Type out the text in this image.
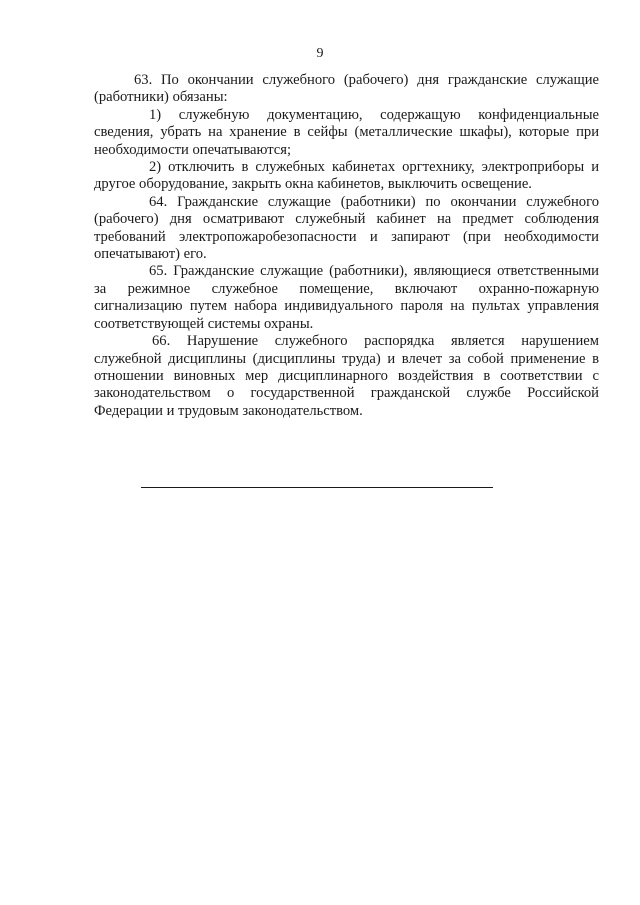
9

63. По окончании служебного (рабочего) дня гражданские служащие (работники) обязаны:

1) служебную документацию, содержащую конфиденциальные сведения, убрать на хранение в сейфы (металлические шкафы), которые при необходимости опечатываются;

2) отключить в служебных кабинетах оргтехнику, электроприборы и другое оборудование, закрыть окна кабинетов, выключить освещение.

64. Гражданские служащие (работники) по окончании служебного (рабочего) дня осматривают служебный кабинет на предмет соблюдения требований электропожаробезопасности и запирают (при необходимости опечатывают) его.

65. Гражданские служащие (работники), являющиеся ответственными за режимное служебное помещение, включают охранно-пожарную сигнализацию путем набора индивидуального пароля на пультах управления соответствующей системы охраны.

66. Нарушение служебного распорядка является нарушением служебной дисциплины (дисциплины труда) и влечет за собой применение в отношении виновных мер дисциплинарного воздействия в соответствии с законодательством о государственной гражданской службе Российской Федерации и трудовым законодательством.
